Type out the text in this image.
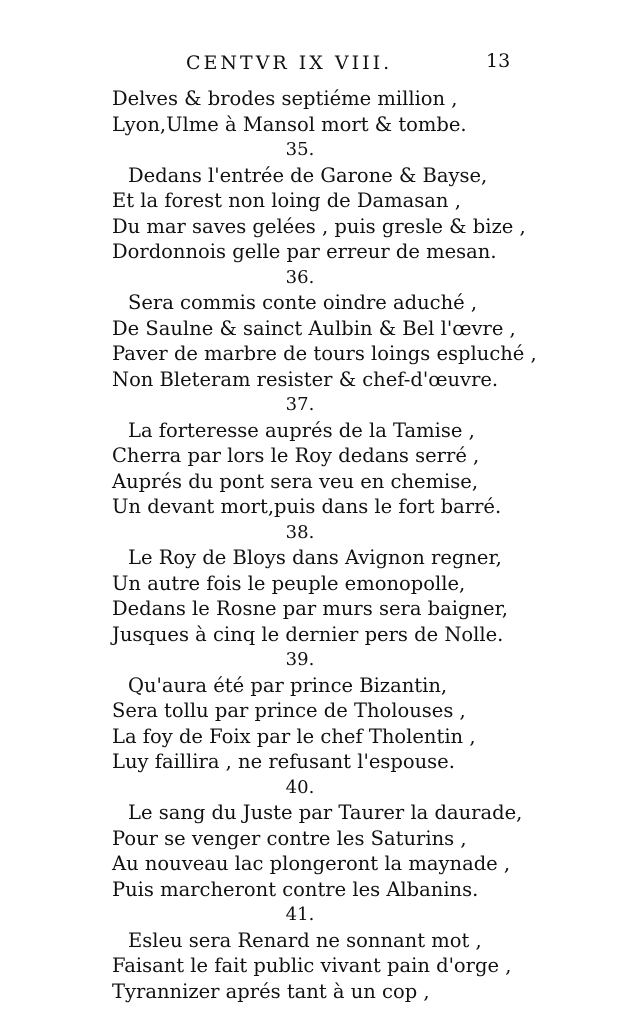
CENTVR IX VIII.	13
Delves & brodes septiéme million ,
Lyon,Ulme à Mansol mort & tombe.
35.
Dedans l'entrée de Garone & Bayse,
Et la forest non loing de Damasan ,
Du mar saves gelées , puis gresle & bize ,
Dordonnois gelle par erreur de mesan.
36.
Sera commis conte oindre aduché ,
De Saulne & sainct Aulbin & Bel l'œvre ,
Paver de marbre de tours loings espluché ,
Non Bleteram resister & chef-d'œuvre.
37.
La forteresse auprés de la Tamise ,
Cherra par lors le Roy dedans serré ,
Auprés du pont sera veu en chemise,
Un devant mort,puis dans le fort barré.
38.
Le Roy de Bloys dans Avignon regner,
Un autre fois le peuple emonopolle,
Dedans le Rosne par murs sera baigner,
Jusques à cinq le dernier pers de Nolle.
39.
Qu'aura été par prince Bizantin,
Sera tollu par prince de Tholouses ,
La foy de Foix par le chef Tholentin ,
Luy faillira , ne refusant l'espouse.
40.
Le sang du Juste par Taurer la daurade,
Pour se venger contre les Saturins ,
Au nouveau lac plongeront la maynade ,
Puis marcheront contre les Albanins.
41.
Esleu sera Renard ne sonnant mot ,
Faisant le fait public vivant pain d'orge ,
Tyrannizer aprés tant à un cop ,
